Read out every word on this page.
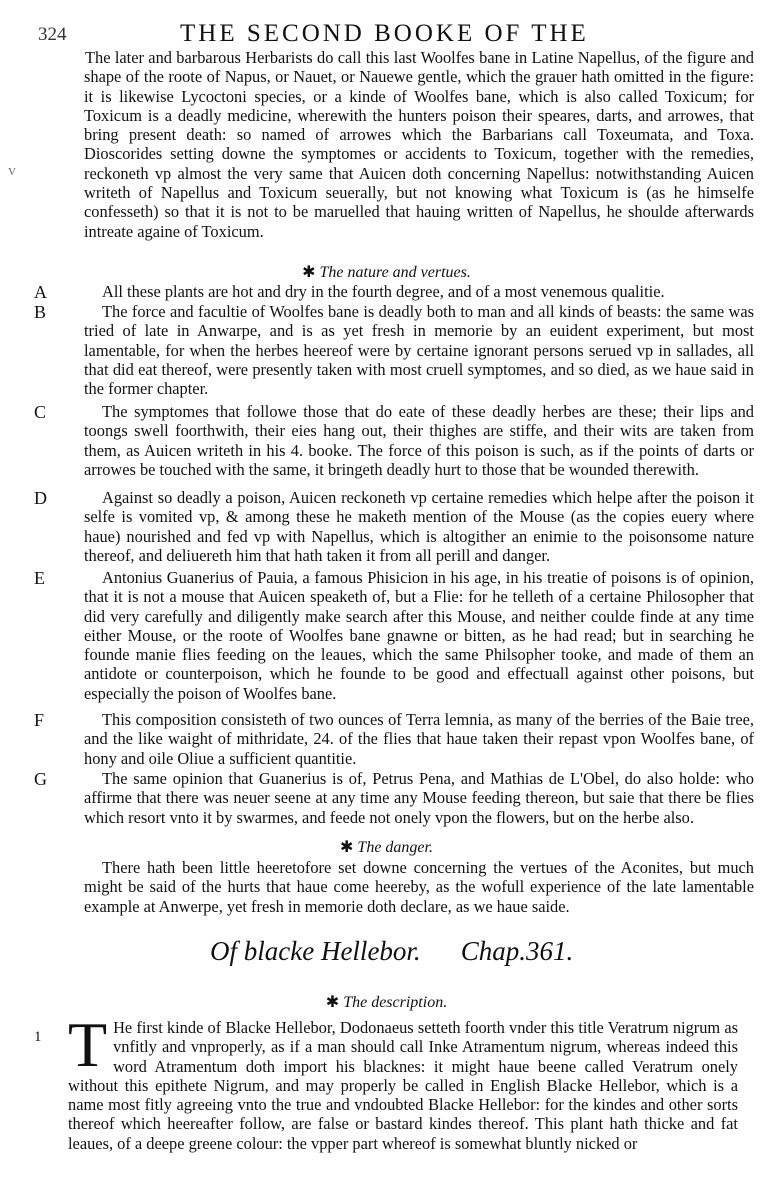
324	THE SECOND BOOKE OF THE
V
The later and barbarous Herbarists do call this last Woolfes bane in Latine Napellus, of the figure and shape of the roote of Napus, or Nauet, or Nauewe gentle, which the grauer hath omitted in the figure: it is likewise Lycoctoni species, or a kinde of Woolfes bane, which is also called Toxicum; for Toxicum is a deadly medicine, wherewith the hunters poison their speares, darts, and arrowes, that bring present death: so named of arrowes which the Barbarians call Toxeumata, and Toxa. Dioscorides setting downe the symptomes or accidents to Toxicum, together with the remedies, reckoneth vp almost the very same that Auicen doth concerning Napellus: notwithstanding Auicen writeth of Napellus and Toxicum seuerally, but not knowing what Toxicum is (as he himselfe confesseth) so that it is not to be maruelled that hauing written of Napellus, he shoulde afterwards intreate againe of Toxicum.
✱ The nature and vertues.
A	All these plants are hot and dry in the fourth degree, and of a most venemous qualitie.

B	The force and facultie of Woolfes bane is deadly both to man and all kinds of beasts: the same was tried of late in Anwarpe, and is as yet fresh in memorie by an euident experiment, but most lamentable, for when the herbes heereof were by certaine ignorant persons serued vp in sallades, all that did eat thereof, were presently taken with most cruell symptomes, and so died, as we haue said in the former chapter.

C	The symptomes that followe those that do eate of these deadly herbes are these; their lips and toongs swell foorthwith, their eies hang out, their thighes are stiffe, and their wits are taken from them, as Auicen writeth in his 4. booke. The force of this poison is such, as if the points of darts or arrowes be touched with the same, it bringeth deadly hurt to those that be wounded therewith.

D	Against so deadly a poison, Auicen reckoneth vp certaine remedies which helpe after the poison it selfe is vomited vp, & among these he maketh mention of the Mouse (as the copies euery where haue) nourished and fed vp with Napellus, which is altogither an enimie to the poisonsome nature thereof, and deliuereth him that hath taken it from all perill and danger.

E	Antonius Guanerius of Pauia, a famous Phisicion in his age, in his treatie of poisons is of opinion, that it is not a mouse that Auicen speaketh of, but a Flie: for he telleth of a certaine Philosopher that did very carefully and diligently make search after this Mouse, and neither coulde finde at any time either Mouse, or the roote of Woolfes bane gnawne or bitten, as he had read; but in searching he founde manie flies feeding on the leaues, which the same Philsopher tooke, and made of them an antidote or counterpoison, which he founde to be good and effectuall against other poisons, but especially the poison of Woolfes bane.

F	This composition consisteth of two ounces of Terra lemnia, as many of the berries of the Baie tree, and the like waight of mithridate, 24. of the flies that haue taken their repast vpon Woolfes bane, of hony and oile Oliue a sufficient quantitie.

G	The same opinion that Guanerius is of, Petrus Pena, and Mathias de L'Obel, do also holde: who affirme that there was neuer seene at any time any Mouse feeding thereon, but saie that there be flies which resort vnto it by swarmes, and feede not onely vpon the flowers, but on the herbe also.

✱ The danger.

There hath been little heeretofore set downe concerning the vertues of the Aconites, but much might be said of the hurts that haue come heereby, as the wofull experience of the late lamentable example at Anwerpe, yet fresh in memorie doth declare, as we haue saide.

Of blacke Hellebor. Chap.361.
✱ The description.
1 T He first kinde of Blacke Hellebor, Dodonaeus setteth foorth vnder this title Veratrum nigrum as vnfitly and vnproperly, as if a man should call Inke Atramentum nigrum, whereas indeed this word Atramentum doth import his blacknes: it might haue beene called Veratrum onely without this epithete Nigrum, and may properly be called in English Blacke Hellebor, which is a name most fitly agreeing vnto the true and vndoubted Blacke Hellebor: for the kindes and other sorts thereof which heereafter follow, are false or bastard kindes thereof. This plant hath thicke and fat leaues, of a deepe greene colour: the vpper part whereof is somewhat bluntly nicked or
